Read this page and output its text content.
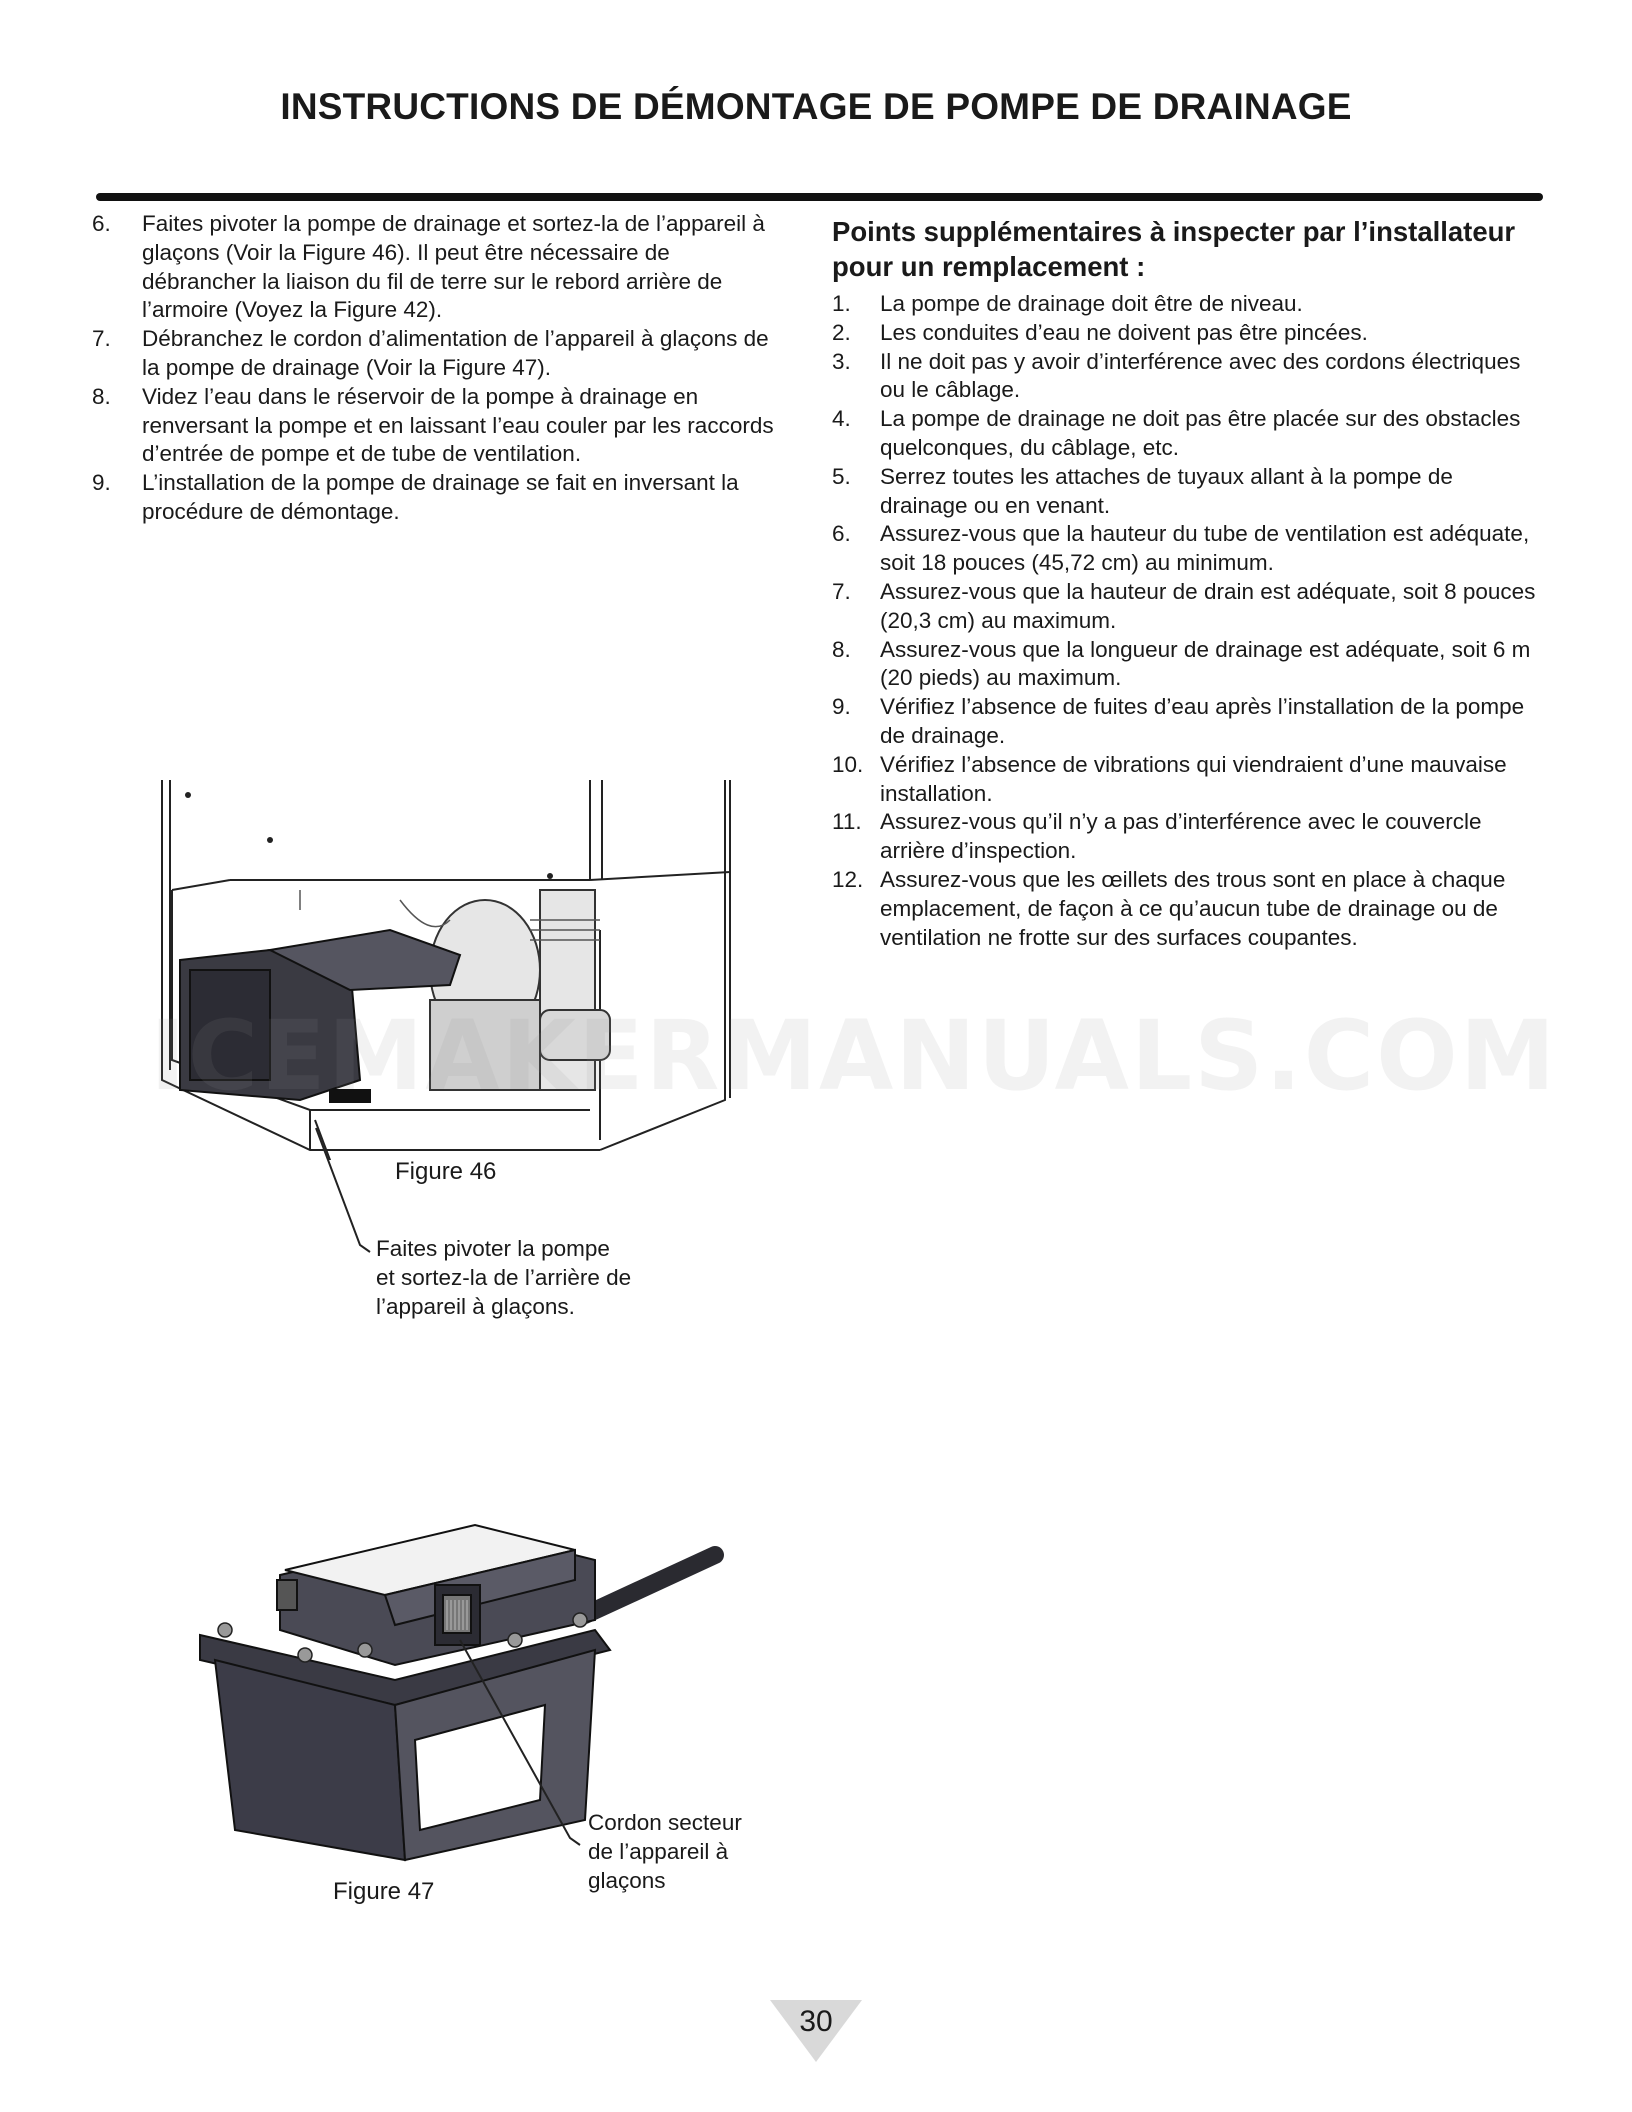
INSTRUCTIONS DE DÉMONTAGE DE POMPE DE DRAINAGE
6.	Faites pivoter la pompe de drainage et sortez-la de l’appareil à glaçons (Voir la Figure 46). Il peut être nécessaire de débrancher la liaison du fil de terre sur le rebord arrière de l’armoire (Voyez la Figure 42).
7.	Débranchez le cordon d’alimentation de l’appareil à glaçons de la pompe de drainage (Voir la Figure 47).
8.	Videz l’eau dans le réservoir de la pompe à drainage en renversant la pompe et en laissant l’eau couler par les raccords d’entrée de pompe et de tube de ventilation.
9.	L’installation de la pompe de drainage se fait en inversant la procédure de démontage.
Points supplémentaires à inspecter par l’installateur pour un remplacement :
1.	La pompe de drainage doit être de niveau.
2.	Les conduites d’eau ne doivent pas être pincées.
3.	Il ne doit pas y avoir d’interférence avec des cordons électriques ou le câblage.
4.	La pompe de drainage ne doit pas être placée sur des obstacles quelconques, du câblage, etc.
5.	Serrez toutes les attaches de tuyaux allant à la pompe de drainage ou en venant.
6.	Assurez-vous que la hauteur du tube de ventilation est adéquate, soit 18 pouces (45,72 cm) au minimum.
7.	Assurez-vous que la hauteur de drain est adéquate, soit 8 pouces (20,3 cm) au maximum.
8.	Assurez-vous que la longueur de drainage est adéquate, soit 6 m (20 pieds) au maximum.
9.	Vérifiez l’absence de fuites d’eau après l’installation de la pompe de drainage.
10. Vérifiez l’absence de vibrations qui viendraient d’une mauvaise installation.
11. Assurez-vous qu’il n’y a pas d’interférence avec le couvercle arrière d’inspection.
12. Assurez-vous que les œillets des trous sont en place à chaque emplacement, de façon à ce qu’aucun tube de drainage ou de ventilation ne frotte sur des surfaces coupantes.
Figure 46
Faites pivoter la pompe
et sortez-la de l’arrière de
l’appareil à glaçons.
Figure 47
Cordon secteur
de l’appareil à
glaçons
ICEMAKERMANUALS.COM
30
